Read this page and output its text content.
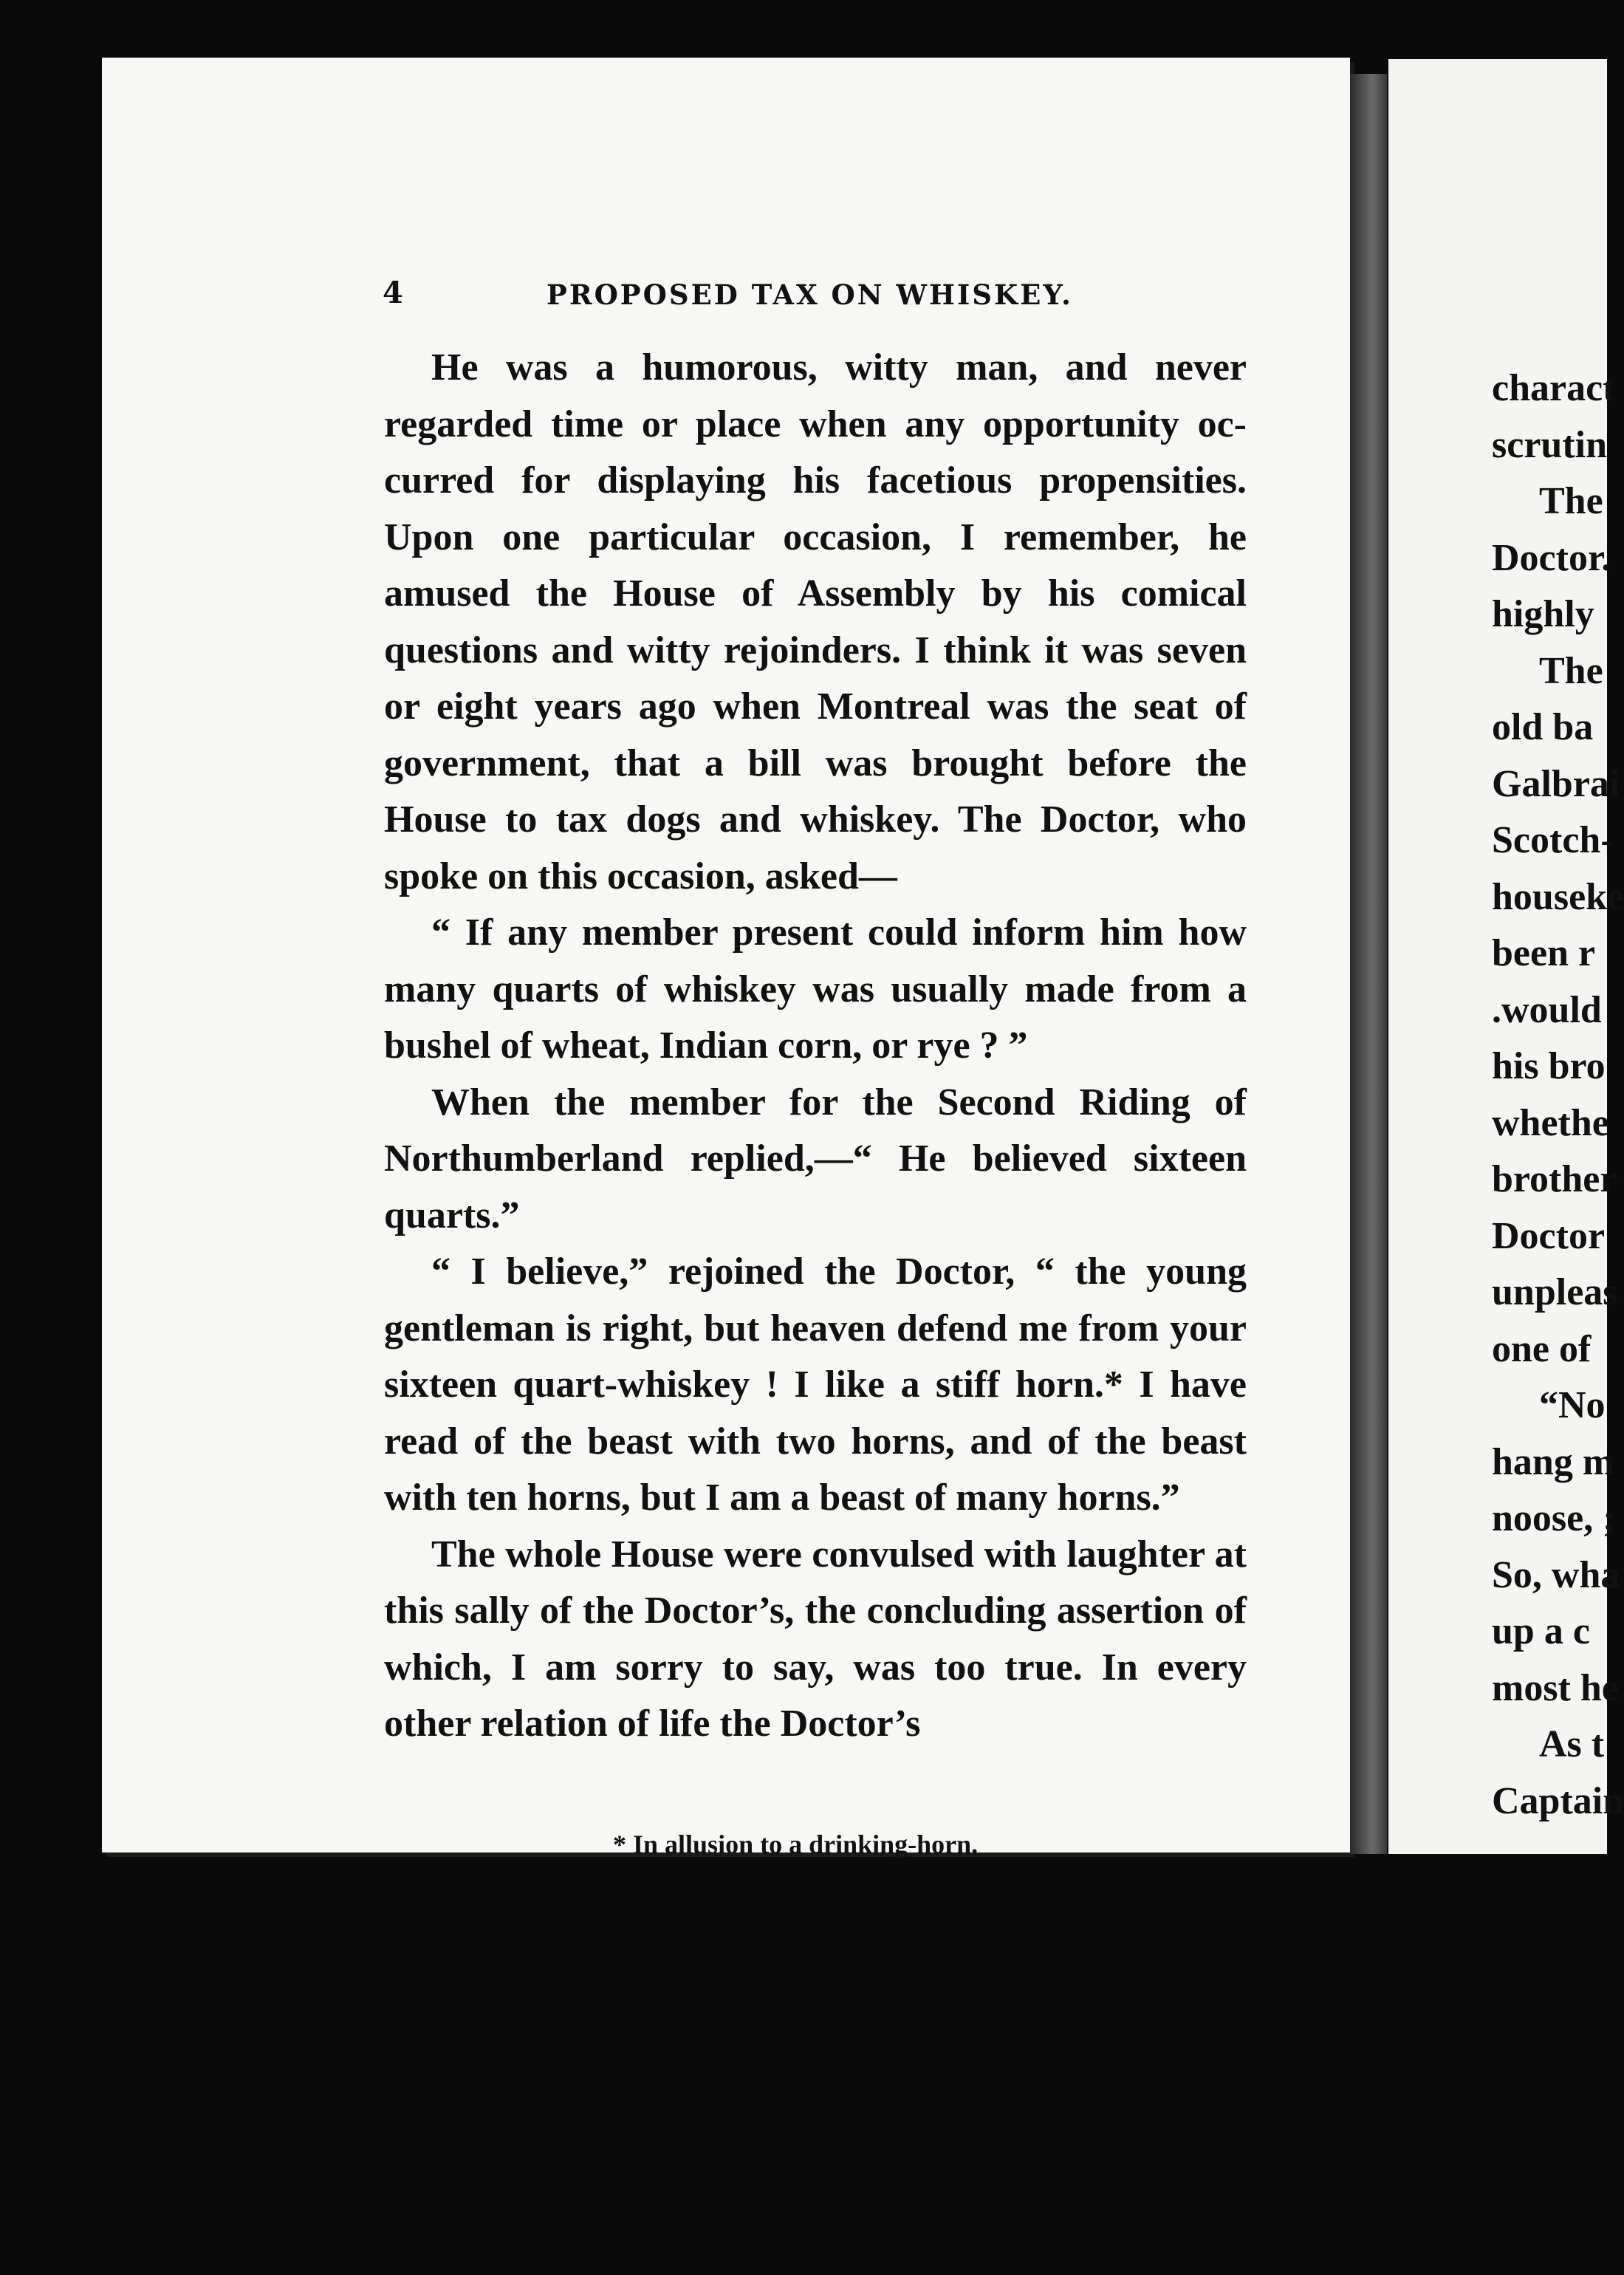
4	PROPOSED TAX ON WHISKEY.

He was a humorous, witty man, and never regarded time or place when any opportunity oc-curred for displaying his facetious propensities. Upon one particular occasion, I remember, he amused the House of Assembly by his comical questions and witty rejoinders. I think it was seven or eight years ago when Montreal was the seat of government, that a bill was brought before the House to tax dogs and whiskey. The Doctor, who spoke on this occasion, asked—

“ If any member present could inform him how many quarts of whiskey was usually made from a bushel of wheat, Indian corn, or rye ? ”

When the member for the Second Riding of Northumberland replied,—“ He believed sixteen quarts.”

“ I believe,” rejoined the Doctor, “ the young gentleman is right, but heaven defend me from your sixteen quart-whiskey ! I like a stiff horn.* I have read of the beast with two horns, and of the beast with ten horns, but I am a beast of many horns.”

The whole House were convulsed with laughter at this sally of the Doctor’s, the concluding assertion of which, I am sorry to say, was too true. In every other relation of life the Doctor’s

* In allusion to a drinking-horn.
charact
scrutin
The
Doctor.
highly
The
old ba
Galbrai
Scotch-
houseke
been r
.would
his bro
whethe
brother
Doctor
unpleas
one of
“No
hang m
noose, ;
So, wha
up a c
most he
As t
Captain
